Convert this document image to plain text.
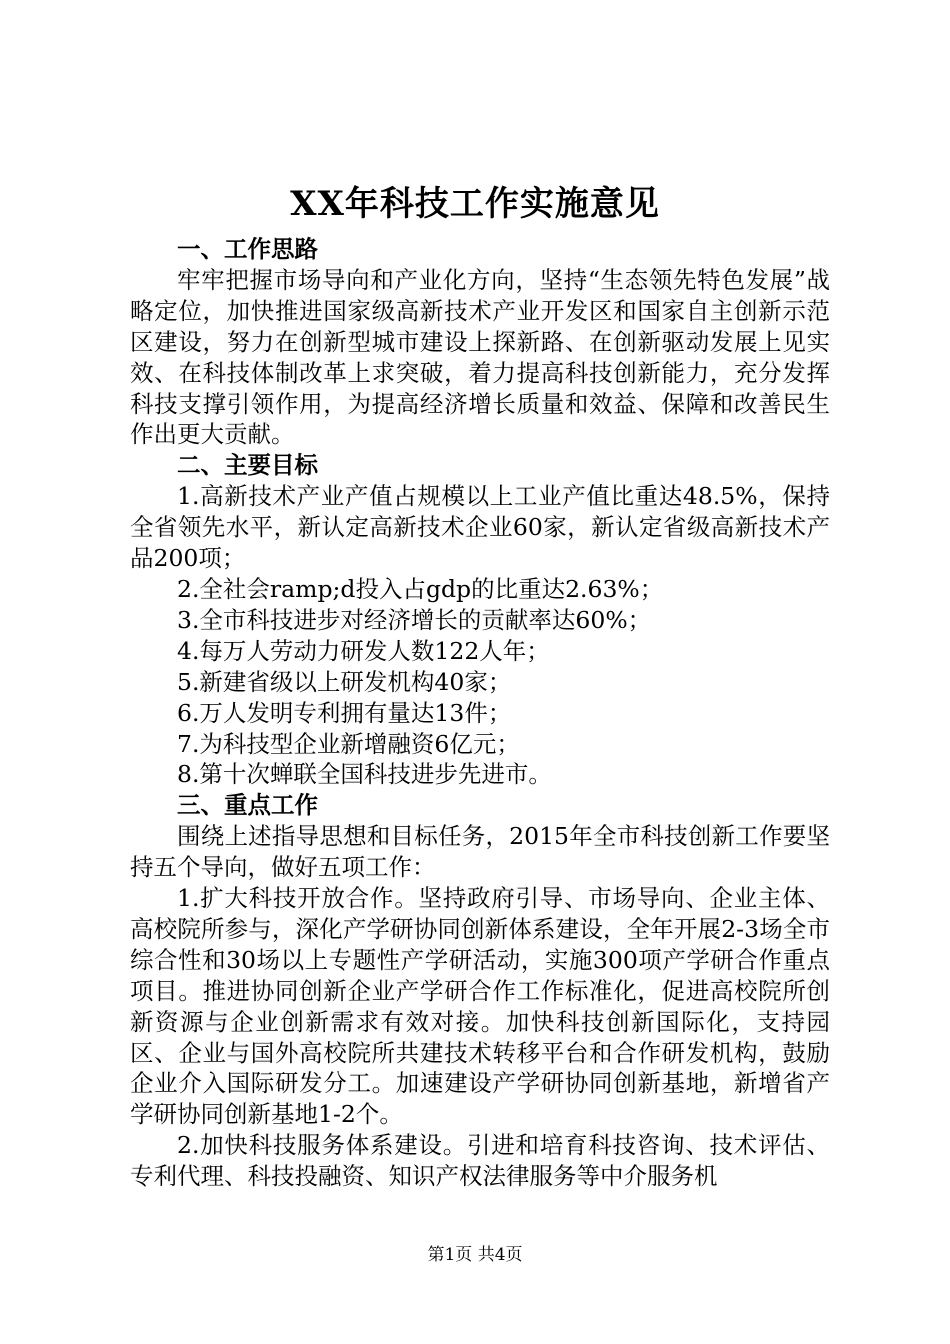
XX年科技工作实施意见
一、工作思路

牢牢把握市场导向和产业化方向，坚持“生态领先特色发展”战略定位，加快推进国家级高新技术产业开发区和国家自主创新示范区建设，努力在创新型城市建设上探新路、在创新驱动发展上见实效、在科技体制改革上求突破，着力提高科技创新能力，充分发挥科技支撑引领作用，为提高经济增长质量和效益、保障和改善民生作出更大贡献。

二、主要目标

1.高新技术产业产值占规模以上工业产值比重达48.5%，保持全省领先水平，新认定高新技术企业60家，新认定省级高新技术产品200项；

2.全社会ramp;d投入占gdp的比重达2.63%；

3.全市科技进步对经济增长的贡献率达60%；

4.每万人劳动力研发人数122人年；

5.新建省级以上研发机构40家；

6.万人发明专利拥有量达13件；

7.为科技型企业新增融资6亿元；

8.第十次蝉联全国科技进步先进市。

三、重点工作

围绕上述指导思想和目标任务，2015年全市科技创新工作要坚持五个导向，做好五项工作：

1.扩大科技开放合作。坚持政府引导、市场导向、企业主体、高校院所参与，深化产学研协同创新体系建设，全年开展2-3场全市综合性和30场以上专题性产学研活动，实施300项产学研合作重点项目。推进协同创新企业产学研合作工作标准化，促进高校院所创新资源与企业创新需求有效对接。加快科技创新国际化，支持园区、企业与国外高校院所共建技术转移平台和合作研发机构，鼓励企业介入国际研发分工。加速建设产学研协同创新基地，新增省产学研协同创新基地1-2个。

2.加快科技服务体系建设。引进和培育科技咨询、技术评估、专利代理、科技投融资、知识产权法律服务等中介服务机

第1页 共4页
